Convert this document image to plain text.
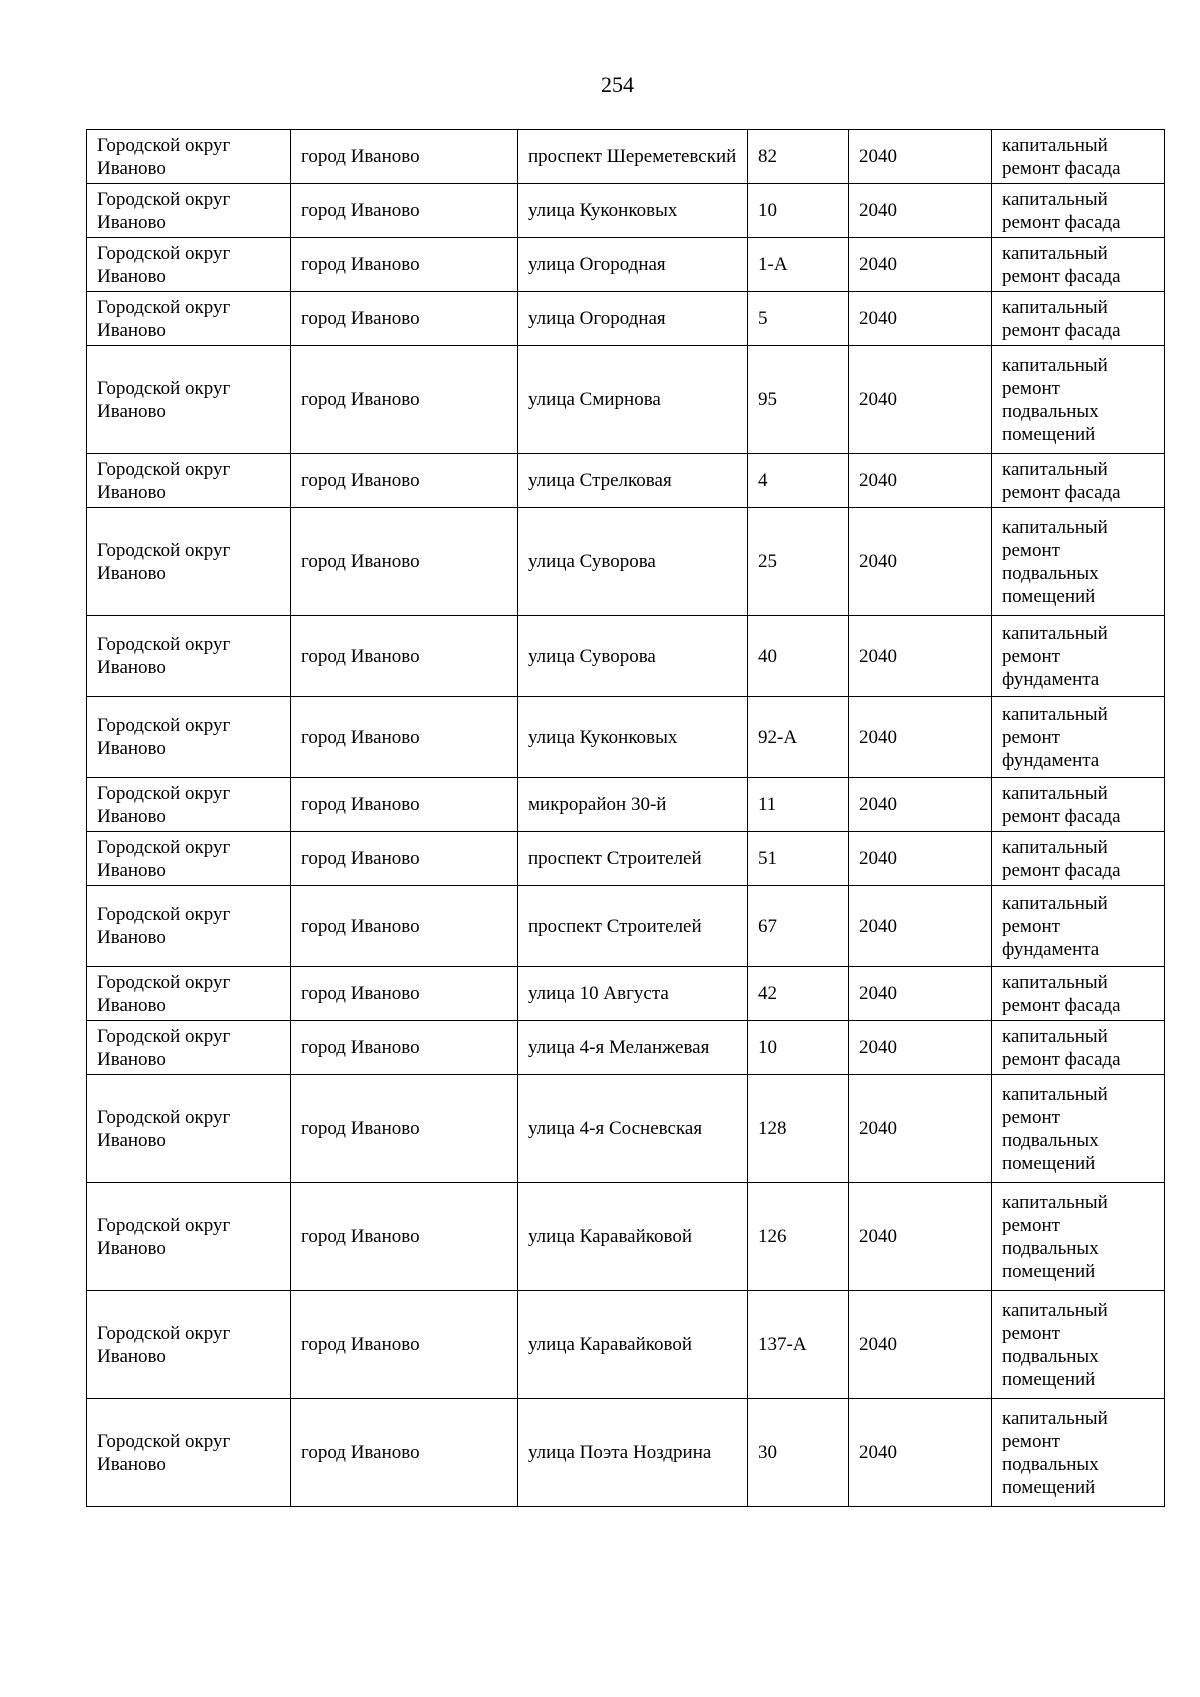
254
Городской округ Иваново	город Иваново	проспект Шереметевский	82	2040	капитальный ремонт фасада
Городской округ Иваново	город Иваново	улица Куконковых	10	2040	капитальный ремонт фасада
Городской округ Иваново	город Иваново	улица Огородная	1-А	2040	капитальный ремонт фасада
Городской округ Иваново	город Иваново	улица Огородная	5	2040	капитальный ремонт фасада
Городской округ Иваново	город Иваново	улица Смирнова	95	2040	капитальный ремонт подвальных помещений
Городской округ Иваново	город Иваново	улица Стрелковая	4	2040	капитальный ремонт фасада
Городской округ Иваново	город Иваново	улица Суворова	25	2040	капитальный ремонт подвальных помещений
Городской округ Иваново	город Иваново	улица Суворова	40	2040	капитальный ремонт фундамента
Городской округ Иваново	город Иваново	улица Куконковых	92-А	2040	капитальный ремонт фундамента
Городской округ Иваново	город Иваново	микрорайон 30-й	11	2040	капитальный ремонт фасада
Городской округ Иваново	город Иваново	проспект Строителей	51	2040	капитальный ремонт фасада
Городской округ Иваново	город Иваново	проспект Строителей	67	2040	капитальный ремонт фундамента
Городской округ Иваново	город Иваново	улица 10 Августа	42	2040	капитальный ремонт фасада
Городской округ Иваново	город Иваново	улица 4-я Меланжевая	10	2040	капитальный ремонт фасада
Городской округ Иваново	город Иваново	улица 4-я Сосневская	128	2040	капитальный ремонт подвальных помещений
Городской округ Иваново	город Иваново	улица Каравайковой	126	2040	капитальный ремонт подвальных помещений
Городской округ Иваново	город Иваново	улица Каравайковой	137-А	2040	капитальный ремонт подвальных помещений
Городской округ Иваново	город Иваново	улица Поэта Ноздрина	30	2040	капитальный ремонт подвальных помещений
